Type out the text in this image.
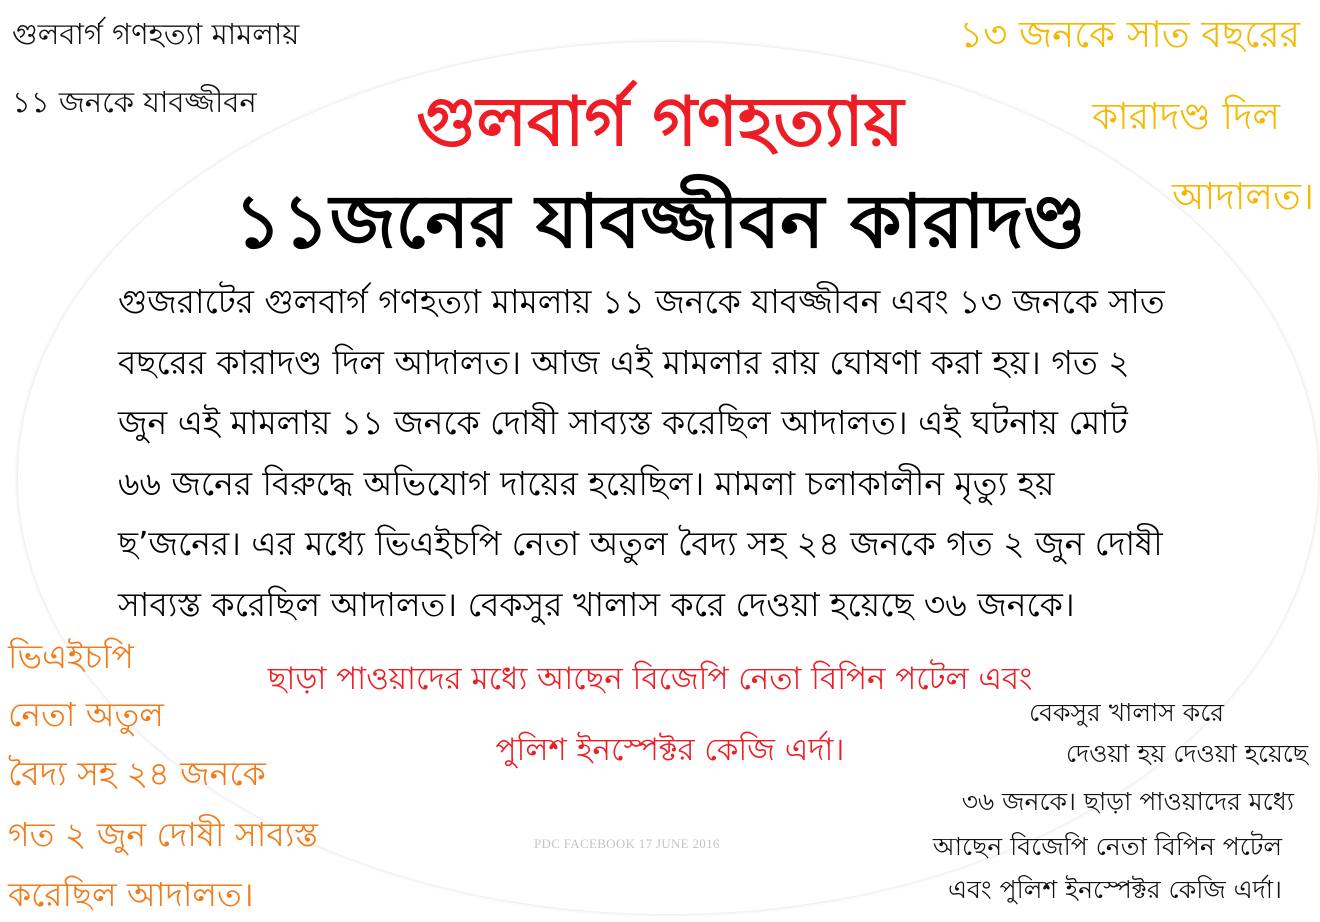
গুলবার্গ গণহত্যা মামলায়
১১ জনকে যাবজ্জীবন
১৩ জনকে সাত বছরের
কারাদণ্ড দিল
আদালত।
গুলবার্গ গণহত্যায়
১১জনের যাবজ্জীবন কারাদণ্ড
গুজরাটের গুলবার্গ গণহত্যা মামলায় ১১ জনকে যাবজ্জীবন এবং ১৩ জনকে সাত
বছরের কারাদণ্ড দিল আদালত। আজ এই মামলার রায় ঘোষণা করা হয়। গত ২
জুন এই মামলায় ১১ জনকে দোষী সাব্যস্ত করেছিল আদালত। এই ঘটনায় মোট
৬৬ জনের বিরুদ্ধে অভিযোগ দায়ের হয়েছিল। মামলা চলাকালীন মৃত্যু হয়
ছ’জনের। এর মধ্যে ভিএইচপি নেতা অতুল বৈদ্য সহ ২৪ জনকে গত ২ জুন দোষী
সাব্যস্ত করেছিল আদালত। বেকসুর খালাস করে দেওয়া হয়েছে ৩৬ জনকে।
ছাড়া পাওয়াদের মধ্যে আছেন বিজেপি নেতা বিপিন পটেল এবং
পুলিশ ইনস্পেক্টর কেজি এর্দা।
ভিএইচপি
নেতা অতুল
বৈদ্য সহ ২৪ জনকে
গত ২ জুন দোষী সাব্যস্ত
করেছিল আদালত।
বেকসুর খালাস করে
দেওয়া হয় দেওয়া হয়েছে
৩৬ জনকে। ছাড়া পাওয়াদের মধ্যে
আছেন বিজেপি নেতা বিপিন পটেল
এবং পুলিশ ইনস্পেক্টর কেজি এর্দা।
PDC FACEBOOK 17 JUNE 2016
